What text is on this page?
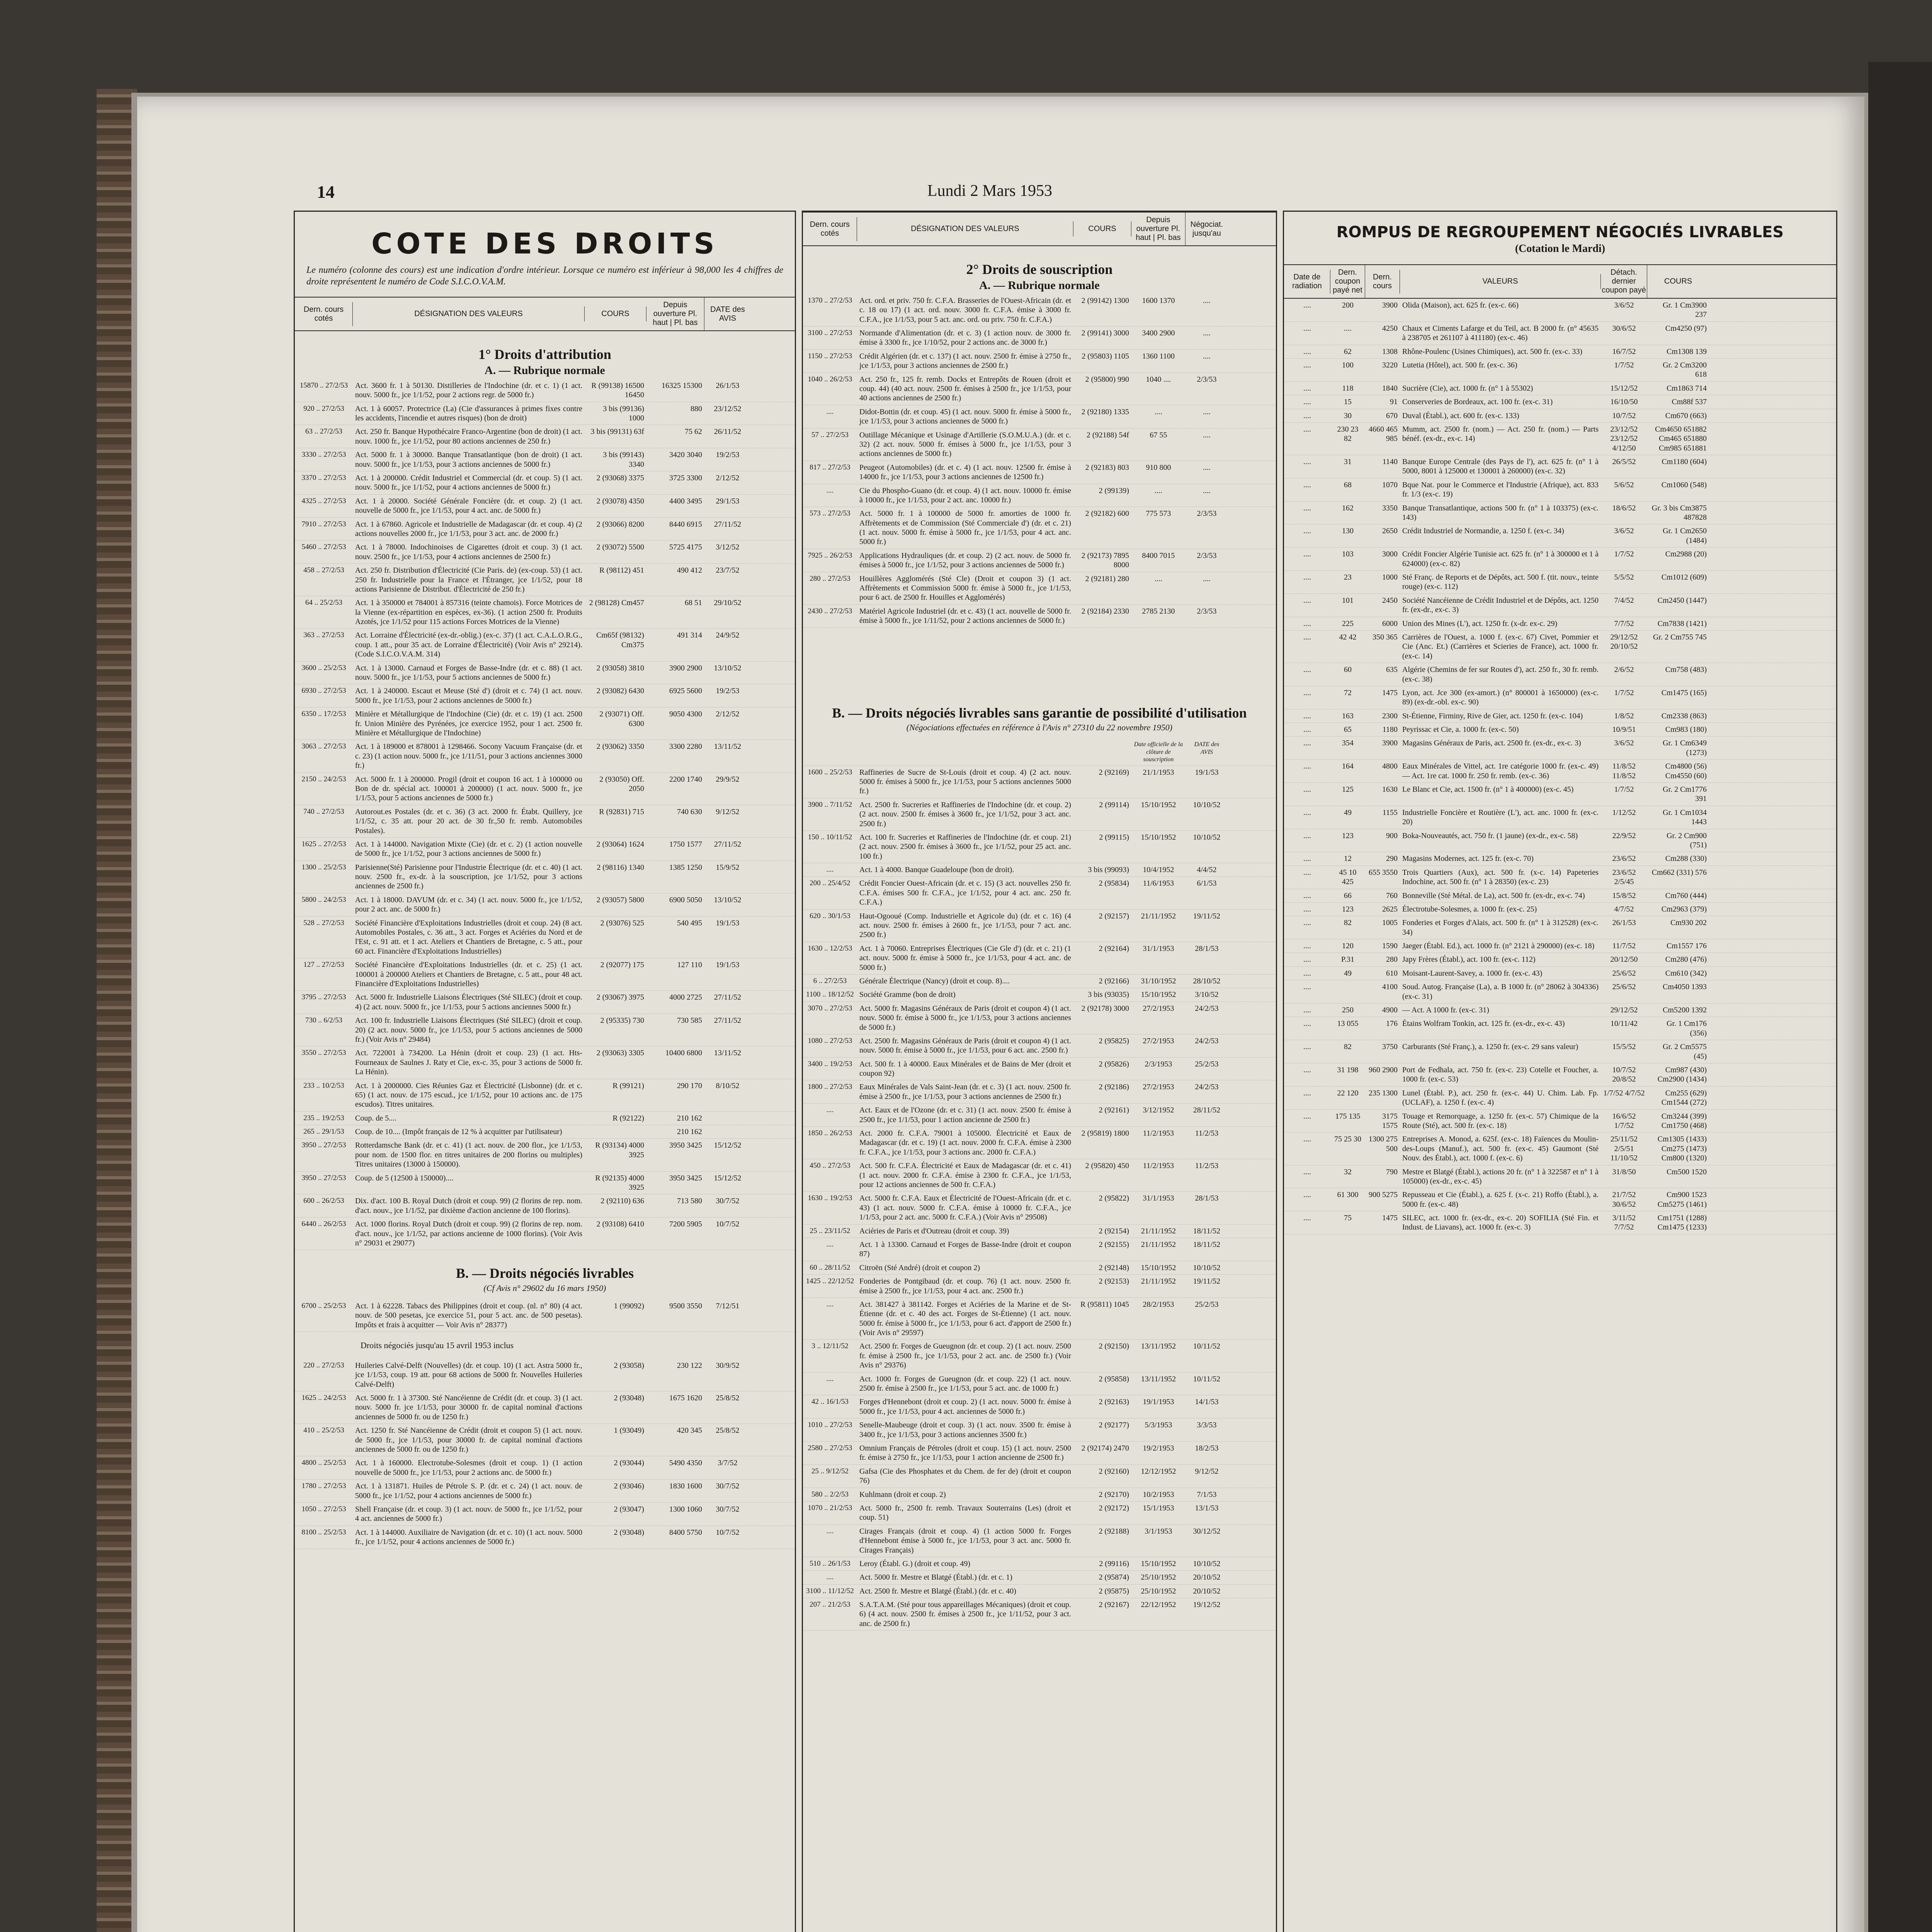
14	Lundi 2 Mars 1953
COTE DES DROITS
Le numéro (colonne des cours) est une indication d'ordre intérieur. Lorsque ce numéro est inférieur à 98,000 les 4 chiffres de droite représentent le numéro de Code S.I.C.O.V.A.M.
Dern. cours cotés
DÉSIGNATION DES VALEURS	COURS
Depuis ouverture Pl. haut | Pl. bas
DATE des AVIS
1° Droits d'attribution
A. — Rubrique normale
15870 .. 27/2/53 Act. 3600 fr. 1 à 50130. Distilleries de l'Indochine (dr. et c. 1) (1 act. nouv. 5000 fr., jce 1/1/52, pour 2 actions regr. de 5000 fr.)
R (99138) 16500 16450
16325 15300	26/1/53
920 .. 27/2/53	Act. 1 à 60057. Protectrice (La) (Cie d'assurances à primes fixes contre les accidents, l'incendie et autres risques) (bon de droit)
3 bis (99136) 1000
880	23/12/52
63 .. 27/2/53	Act. 250 fr. Banque Hypothécaire Franco-Argentine (bon de droit) (1 act. nouv. 1000 fr., jce 1/1/52, pour 80 actions anciennes de 250 fr.)
3 bis (99131) 63f	75 62	26/11/52
3330 .. 27/2/53	Act. 5000 fr. 1 à 30000. Banque Transatlantique (bon de droit) (1 act. nouv. 5000 fr., jce 1/1/53, pour 3 actions anciennes de 5000 fr.)
3 bis (99143) 3340
3420 3040	19/2/53
3370 .. 27/2/53	Act. 1 à 200000. Crédit Industriel et Commercial (dr. et coup. 5) (1 act. nouv. 5000 fr., jce 1/1/52, pour 4 actions anciennes de 5000 fr.)
2 (93068) 3375	3725 3300	2/12/52
4325 .. 27/2/53	Act. 1 à 20000. Société Générale Foncière (dr. et coup. 2) (1 act. nouvelle de 5000 fr., jce 1/1/53, pour 4 act. anc. de 5000 fr.)
2 (93078) 4350	4400 3495	29/1/53
7910 .. 27/2/53	Act. 1 à 67860. Agricole et Industrielle de Madagascar (dr. et coup. 4) (2 actions nouvelles 2000 fr., jce 1/1/53, pour 3 act. anc. de 2000 fr.)
2 (93066) 8200	8440 6915	27/11/52
5460 .. 27/2/53	Act. 1 à 78000. Indochinoises de Cigarettes (droit et coup. 3) (1 act. nouv. 2500 fr., jce 1/1/53, pour 4 actions anciennes de 2500 fr.)
2 (93072) 5500	5725 4175	3/12/52
458 .. 27/2/53	Act. 250 fr. Distribution d'Électricité (Cie Paris. de) (ex-coup. 53) (1 act. 250 fr. Industrielle pour la France et l'Étranger, jce 1/1/52, pour 18 actions Parisienne de Distribut. d'Électricité de 250 fr.)
R (98112) 451	490 412	23/7/52
64 .. 25/2/53	Act. 1 à 350000 et 784001 à 857316 (teinte chamois). Force Motrices de la Vienne (ex-répartition en espèces, ex-36). (1 action 2500 fr. Produits Azotés, jce 1/1/52 pour 115 actions Forces Motrices de la Vienne)
2 (98128) Cm457	68 51	29/10/52
363 .. 27/2/53	Act. Lorraine d'Électricité (ex-dr.-oblig.) (ex-c. 37) (1 act. C.A.L.O.R.G., coup. 1 att., pour 35 act. de Lorraine d'Électricité) (Voir Avis n° 29214). (Code S.I.C.O.V.A.M. 314)
Cm65f (98132) Cm375
491 314	24/9/52
3600 .. 25/2/53	Act. 1 à 13000. Carnaud et Forges de Basse-Indre (dr. et c. 88) (1 act. nouv. 5000 fr., jce 1/1/53, pour 5 actions anciennes de 5000 fr.)
2 (93058) 3810	3900 2900	13/10/52
6930 .. 27/2/53	Act. 1 à 240000. Escaut et Meuse (Sté d') (droit et c. 74) (1 act. nouv. 5000 fr., jce 1/1/53, pour 2 actions anciennes de 5000 fr.)
2 (93082) 6430	6925 5600	19/2/53
6350 .. 17/2/53	Minière et Métallurgique de l'Indochine (Cie) (dr. et c. 19) (1 act. 2500 fr. Union Minière des Pyrénées, jce exercice 1952, pour 1 act. 2500 fr. Minière et Métallurgique de l'Indochine)
2 (93071) Off. 6300
9050 4300	2/12/52
3063 .. 27/2/53	Act. 1 à 189000 et 878001 à 1298466. Socony Vacuum Française (dr. et c. 23) (1 action nouv. 5000 fr., jce 1/11/51, pour 3 actions anciennes 3000 fr.)
2 (93062) 3350	3300 2280	13/11/52
2150 .. 24/2/53	Act. 5000 fr. 1 à 200000. Progil (droit et coupon 16 act. 1 à 100000 ou Bon de dr. spécial act. 100001 à 200000) (1 act. nouv. 5000 fr., jce 1/1/53, pour 5 actions anciennes de 5000 fr.)
2 (93050) Off. 2050
2200 1740	29/9/52
740 .. 27/2/53	Autorout.es Postales (dr. et c. 36) (3 act. 2000 fr. Étabt. Quillery, jce 1/1/52, c. 35 att. pour 20 act. de 30 fr.,50 fr. remb. Automobiles Postales).
R (92831) 715	740 630	9/12/52
1625 .. 27/2/53	Act. 1 à 144000. Navigation Mixte (Cie) (dr. et c. 2) (1 action nouvelle de 5000 fr., jce 1/1/52, pour 3 actions anciennes de 5000 fr.)
2 (93064) 1624	1750 1577	27/11/52
1300 .. 25/2/53	Parisienne(Sté) Parisienne pour l'Industrie Électrique (dr. et c. 40) (1 act. nouv. 2500 fr., ex-dr. à la souscription, jce 1/1/52, pour 3 actions anciennes de 2500 fr.)
2 (98116) 1340	1385 1250	15/9/52
5800 .. 24/2/53	Act. 1 à 18000. DAVUM (dr. et c. 34) (1 act. nouv. 5000 fr., jce 1/1/52, pour 2 act. anc. de 5000 fr.)
2 (93057) 5800	6900 5050	13/10/52
528 .. 27/2/53	Société Financière d'Exploitations Industrielles (droit et coup. 24) (8 act. Automobiles Postales, c. 36 att., 3 act. Forges et Aciéries du Nord et de l'Est, c. 91 att. et 1 act. Ateliers et Chantiers de Bretagne, c. 5 att., pour 60 act. Financière d'Exploitations Industrielles)
2 (93076) 525	540 495	19/1/53
127 .. 27/2/53	Société Financière d'Exploitations Industrielles (dr. et c. 25) (1 act. 100001 à 200000 Ateliers et Chantiers de Bretagne, c. 5 att., pour 48 act. Financière d'Exploitations Industrielles)
2 (92077) 175	127 110	19/1/53
3795 .. 27/2/53	Act. 5000 fr. Industrielle Liaisons Électriques (Sté SILEC) (droit et coup. 4) (2 act. nouv. 5000 fr., jce 1/1/53, pour 5 actions anciennes 5000 fr.)
2 (93067) 3975	4000 2725	27/11/52
730 .. 6/2/53	Act. 100 fr. Industrielle Liaisons Électriques (Sté SILEC) (droit et coup. 20) (2 act. nouv. 5000 fr., jce 1/1/53, pour 5 actions anciennes de 5000 fr.) (Voir Avis n° 29484)
2 (95335) 730	730 585	27/11/52
3550 .. 27/2/53	Act. 722001 à 734200. La Hénin (droit et coup. 23) (1 act. Hts-Fourneaux de Saulnes J. Raty et Cie, ex-c. 35, pour 3 actions de 5000 fr. La Hénin).
2 (93063) 3305	10400 6800	13/11/52
233 .. 10/2/53	Act. 1 à 2000000. Cies Réunies Gaz et Électricité (Lisbonne) (dr. et c. 65) (1 act. nouv. de 175 escud., jce 1/1/52, pour 10 actions anc. de 175 escudos). Titres unitaires.
R (99121)	290 170	8/10/52
235 .. 19/2/53	Coup. de 5....	R (92122)	210 162
265 .. 29/1/53	Coup. de 10.... (Impôt français de 12 % à acquitter par l'utilisateur)	210 162
3950 .. 27/2/53	Rotterdamsche Bank (dr. et c. 41) (1 act. nouv. de 200 flor., jce 1/1/53, pour nom. de 1500 flor. en titres unitaires de 200 florins ou multiples) Titres unitaires (13000 à 150000).
R (93134) 4000 3925
3950 3425	15/12/52
3950 .. 27/2/53	Coup. de 5 (12500 à 150000)....	R (92135) 4000 3925
3950 3425	15/12/52
600 .. 26/2/53	Dix. d'act. 100 B. Royal Dutch (droit et coup. 99) (2 florins de rep. nom. d'act. nouv., jce 1/1/52, par dixième d'action ancienne de 100 florins).
2 (92110) 636	713 580	30/7/52
6440 .. 26/2/53	Act. 1000 florins. Royal Dutch (droit et coup. 99) (2 florins de rep. nom. d'act. nouv., jce 1/1/52, par actions ancienne de 1000 florins). (Voir Avis n° 29031 et 29077)
2 (93108) 6410	7200 5905	10/7/52
B. — Droits négociés livrables
(Cf Avis n° 29602 du 16 mars 1950)
6700 .. 25/2/53	Act. 1 à 62228. Tabacs des Philippines (droit et coup. (nl. n° 80) (4 act. nouv. de 500 pesetas, jce exercice 51, pour 5 act. anc. de 500 pesetas). Impôts et frais à acquitter — Voir Avis n° 28377)
1 (99092)	9500 3550	7/12/51
Droits négociés jusqu'au 15 avril 1953 inclus
220 .. 27/2/53	Huileries Calvé-Delft (Nouvelles) (dr. et coup. 10) (1 act. Astra 5000 fr., jce 1/1/53, coup. 19 att. pour 68 actions de 5000 fr. Nouvelles Huileries Calvé-Delft)
2 (93058)	230 122	30/9/52
1625 .. 24/2/53	Act. 5000 fr. 1 à 37300. Sté Nancéienne de Crédit (dr. et coup. 3) (1 act. nouv. 5000 fr. jce 1/1/53, pour 30000 fr. de capital nominal d'actions anciennes de 5000 fr. ou de 1250 fr.)
2 (93048)	1675 1620	25/8/52
410 .. 25/2/53	Act. 1250 fr. Sté Nancéienne de Crédit (droit et coupon 5) (1 act. nouv. de 5000 fr., jce 1/1/53, pour 30000 fr. de capital nominal d'actions anciennes de 5000 fr. ou de 1250 fr.)
1 (93049)	420 345	25/8/52
4800 .. 25/2/53	Act. 1 à 160000. Electrotube-Solesmes (droit et coup. 1) (1 action nouvelle de 5000 fr., jce 1/1/53, pour 2 actions anc. de 5000 fr.)
2 (93044)	5490 4350	3/7/52
1780 .. 27/2/53	Act. 1 à 131871. Huiles de Pétrole S. P. (dr. et c. 24) (1 act. nouv. de 5000 fr., jce 1/1/52, pour 4 actions anciennes de 5000 fr.)
2 (93046)	1830 1600	30/7/52
1050 .. 27/2/53	Shell Française (dr. et coup. 3) (1 act. nouv. de 5000 fr., jce 1/1/52, pour 4 act. anciennes de 5000 fr.)
2 (93047)	1300 1060	30/7/52
8100 .. 25/2/53	Act. 1 à 144000. Auxiliaire de Navigation (dr. et c. 10) (1 act. nouv. 5000 fr., jce 1/1/52, pour 4 actions anciennes de 5000 fr.)
2 (93048)	8400 5750	10/7/52
Dern. cours cotés
DÉSIGNATION DES VALEURS	COURS
Depuis ouverture Pl. haut | Pl. bas
Négociat. jusqu'au
2° Droits de souscription
A. — Rubrique normale
1370 .. 27/2/53 Act. ord. et priv. 750 fr. C.F.A. Brasseries de l'Ouest-Africain (dr. et c. 18 ou 17) (1 act. ord. nouv. 3000 fr. C.F.A. émise à 3000 fr. C.F.A., jce 1/1/53, pour 5 act. anc. ord. ou priv. 750 fr. C.F.A.)
2 (99142) 1300	1600 1370	....
3100 .. 27/2/53 Normande d'Alimentation (dr. et c. 3) (1 action nouv. de 3000 fr. émise à 3300 fr., jce 1/10/52, pour 2 actions anc. de 3000 fr.)
2 (99141) 3000	3400 2900	....
1150 .. 27/2/53 Crédit Algérien (dr. et c. 137) (1 act. nouv. 2500 fr. émise à 2750 fr., jce 1/1/53, pour 3 actions anciennes de 2500 fr.)
2 (95803) 1105	1360 1100	....
1040 .. 26/2/53 Act. 250 fr., 125 fr. remb. Docks et Entrepôts de Rouen (droit et coup. 44) (40 act. nouv. 2500 fr. émises à 2500 fr., jce 1/1/53, pour 40 actions anciennes de 2500 fr.)
2 (95800) 990	1040 ....	2/3/53
....	Didot-Bottin (dr. et coup. 45) (1 act. nouv. 5000 fr. émise à 5000 fr., jce 1/1/53, pour 3 actions anciennes de 5000 fr.)
2 (92180) 1335	....	....
57 .. 27/2/53	Outillage Mécanique et Usinage d'Artillerie (S.O.M.U.A.) (dr. et c. 32) (2 act. nouv. 5000 fr. émises à 5000 fr., jce 1/1/53, pour 3 actions anciennes de 5000 fr.)
2 (92188) 54f	67 55	....
817 .. 27/2/53	Peugeot (Automobiles) (dr. et c. 4) (1 act. nouv. 12500 fr. émise à 14000 fr., jce 1/1/53, pour 3 actions anciennes de 12500 fr.)
2 (92183) 803	910 800	....
....	Cie du Phospho-Guano (dr. et coup. 4) (1 act. nouv. 10000 fr. émise à 10000 fr., jce 1/1/53, pour 2 act. anc. 10000 fr.)
2 (99139)	....	....
573 .. 27/2/53	Act. 5000 fr. 1 à 100000 de 5000 fr. amorties de 1000 fr. Affrètements et de Commission (Sté Commerciale d') (dr. et c. 21) (1 act. nouv. 5000 fr. émise à 5000 fr., jce 1/1/53, pour 4 act. anc. 5000 fr.)
2 (92182) 600	775 573	2/3/53
7925 .. 26/2/53 Applications Hydrauliques (dr. et coup. 2) (2 act. nouv. de 5000 fr. émises à 5000 fr., jce 1/1/52, pour 3 actions anciennes de 5000 fr.)
2 (92173) 7895 8000
8400 7015	2/3/53
280 .. 27/2/53	Houillères Agglomérés (Sté Cle) (Droit et coupon 3) (1 act. Affrètements et Commission 5000 fr. émise à 5000 fr., jce 1/1/53, pour 6 act. de 2500 fr. Houilles et Agglomérés)
2 (92181) 280	....	....
2430 .. 27/2/53 Matériel Agricole Industriel (dr. et c. 43) (1 act. nouvelle de 5000 fr. émise à 5000 fr., jce 1/11/52, pour 2 actions anciennes de 5000 fr.)
2 (92184) 2330	2785 2130	2/3/53
B. — Droits négociés livrables sans garantie de possibilité d'utilisation
(Négociations effectuées en référence à l'Avis n° 27310 du 22 novembre 1950)
Date officielle de la clôture de souscription
DATE des AVIS
1600 .. 25/2/53 Raffineries de Sucre de St-Louis (droit et coup. 4) (2 act. nouv. 5000 fr. émises à 5000 fr., jce 1/1/53, pour 5 actions anciennes 5000 fr.)
2 (92169)	21/1/1953	19/1/53
3900 .. 7/11/52 Act. 2500 fr. Sucreries et Raffineries de l'Indochine (dr. et coup. 2) (2 act. nouv. 2500 fr. émises à 3600 fr., jce 1/1/52, pour 3 act. anc. 2500 fr.)
2 (99114)	15/10/1952	10/10/52
150 .. 10/11/52 Act. 100 fr. Sucreries et Raffineries de l'Indochine (dr. et coup. 21) (2 act. nouv. 2500 fr. émises à 3600 fr., jce 1/1/52, pour 25 act. anc. 100 fr.)
2 (99115)	15/10/1952	10/10/52
....	Act. 1 à 4000. Banque Guadeloupe (bon de droit).	3 bis (99093)	10/4/1952	4/4/52
200 .. 25/4/52	Crédit Foncier Ouest-Africain (dr. et c. 15) (3 act. nouvelles 250 fr. C.F.A. émises 500 fr. C.F.A., jce 1/1/52, pour 4 act. anc. 250 fr. C.F.A.)
2 (95834)	11/6/1953	6/1/53
620 .. 30/1/53	Haut-Ogooué (Comp. Industrielle et Agricole du) (dr. et c. 16) (4 act. nouv. 2500 fr. émises à 2600 fr., jce 1/1/53, pour 7 act. anc. 2500 fr.)
2 (92157)	21/11/1952	19/11/52
1630 .. 12/2/53 Act. 1 à 70060. Entreprises Électriques (Cie Gle d') (dr. et c. 21) (1 act. nouv. 5000 fr. émise à 5000 fr., jce 1/1/53, pour 4 act. anc. de 5000 fr.)
2 (92164)	31/1/1953	28/1/53
6 .. 27/2/53	Générale Électrique (Nancy) (droit et coup. 8)....	2 (92166)	31/10/1952	28/10/52
1100 .. 18/12/52 Société Gramme (bon de droit)	3 bis (93035)	15/10/1952	3/10/52
3070 .. 27/2/53 Act. 5000 fr. Magasins Généraux de Paris (droit et coupon 4) (1 act. nouv. 5000 fr. émise à 5000 fr., jce 1/1/53, pour 3 actions anciennes de 5000 fr.)
2 (92178) 3000	27/2/1953	24/2/53
1080 .. 27/2/53 Act. 2500 fr. Magasins Généraux de Paris (droit et coupon 4) (1 act. nouv. 5000 fr. émise à 5000 fr., jce 1/1/53, pour 6 act. anc. 2500 fr.)
2 (95825)	27/2/1953	24/2/53
3400 .. 19/2/53 Act. 500 fr. 1 à 40000. Eaux Minérales et de Bains de Mer (droit et coupon 92)
2 (95826)	2/3/1953	25/2/53
1800 .. 27/2/53 Eaux Minérales de Vals Saint-Jean (dr. et c. 3) (1 act. nouv. 2500 fr. émise à 2500 fr., jce 1/1/53, pour 3 actions anciennes de 2500 fr.)
2 (92186)	27/2/1953	24/2/53
....	Act. Eaux et de l'Ozone (dr. et c. 31) (1 act. nouv. 2500 fr. émise à 2500 fr., jce 1/1/53, pour 1 action ancienne de 2500 fr.)
2 (92161)	3/12/1952	28/11/52
1850 .. 26/2/53 Act. 2000 fr. C.F.A. 79001 à 105000. Électricité et Eaux de Madagascar (dr. et c. 19) (1 act. nouv. 2000 fr. C.F.A. émise à 2300 fr. C.F.A., jce 1/1/53, pour 3 actions anc. 2000 fr. C.F.A.)
2 (95819) 1800	11/2/1953	11/2/53
450 .. 27/2/53	Act. 500 fr. C.F.A. Électricité et Eaux de Madagascar (dr. et c. 41) (1 act. nouv. 2000 fr. C.F.A. émise à 2300 fr. C.F.A., jce 1/1/53, pour 12 actions anciennes de 500 fr. C.F.A.)
2 (95820) 450	11/2/1953	11/2/53
1630 .. 19/2/53 Act. 5000 fr. C.F.A. Eaux et Électricité de l'Ouest-Africain (dr. et c. 43) (1 act. nouv. 5000 fr. C.F.A. émise à 10000 fr. C.F.A., jce 1/1/53, pour 2 act. anc. 5000 fr. C.F.A.) (Voir Avis n° 29508)
2 (95822)	31/1/1953	28/1/53
25 .. 23/11/52	Aciéries de Paris et d'Outreau (droit et coup. 39)	2 (92154)	21/11/1952	18/11/52
....	Act. 1 à 13300. Carnaud et Forges de Basse-Indre (droit et coupon 87)
2 (92155)	21/11/1952	18/11/52
60 .. 28/11/52	Citroën (Sté André) (droit et coupon 2)	2 (92148)	15/10/1952	10/10/52
1425 .. 22/12/52 Fonderies de Pontgibaud (dr. et coup. 76) (1 act. nouv. 2500 fr. émise à 2500 fr., jce 1/1/53, pour 4 act. anc. 2500 fr.)
2 (92153)	21/11/1952	19/11/52
....	Act. 381427 à 381142. Forges et Aciéries de la Marine et de St-Étienne (dr. et c. 40 des act. Forges de St-Étienne) (1 act. nouv. 5000 fr. émise à 5000 fr., jce 1/1/53, pour 6 act. d'apport de 2500 fr.) (Voir Avis n° 29597)
R (95811) 1045	28/2/1953	25/2/53
3 .. 12/11/52	Act. 2500 fr. Forges de Gueugnon (dr. et coup. 2) (1 act. nouv. 2500 fr. émise à 2500 fr., jce 1/1/53, pour 2 act. anc. de 2500 fr.) (Voir Avis n° 29376)
2 (92150)	13/11/1952	10/11/52
....	Act. 1000 fr. Forges de Gueugnon (dr. et coup. 22) (1 act. nouv. 2500 fr. émise à 2500 fr., jce 1/1/53, pour 5 act. anc. de 1000 fr.)
2 (95858)	13/11/1952	10/11/52
42 .. 16/1/53	Forges d'Hennebont (droit et coup. 2) (1 act. nouv. 5000 fr. émise à 5000 fr., jce 1/1/53, pour 4 act. anciennes de 5000 fr.)
2 (92163)	19/1/1953	14/1/53
1010 .. 27/2/53 Senelle-Maubeuge (droit et coup. 3) (1 act. nouv. 3500 fr. émise à 3400 fr., jce 1/1/53, pour 3 actions anciennes 3500 fr.)
2 (92177)	5/3/1953	3/3/53
2580 .. 27/2/53 Omnium Français de Pétroles (droit et coup. 15) (1 act. nouv. 2500 fr. émise à 2750 fr., jce 1/1/53, pour 1 action ancienne de 2500 fr.)
2 (92174) 2470	19/2/1953	18/2/53
25 .. 9/12/52	Gafsa (Cie des Phosphates et du Chem. de fer de) (droit et coupon 76)
2 (92160)	12/12/1952	9/12/52
580 .. 2/2/53	Kuhlmann (droit et coup. 2)	2 (92170)	10/2/1953	7/1/53
1070 .. 21/2/53 Act. 5000 fr., 2500 fr. remb. Travaux Souterrains (Les) (droit et coup. 51)
2 (92172)	15/1/1953	13/1/53
....	Cirages Français (droit et coup. 4) (1 action 5000 fr. Forges d'Hennebont émise à 5000 fr., jce 1/1/53, pour 3 act. anc. 5000 fr. Cirages Français)
2 (92188)	3/1/1953	30/12/52
510 .. 26/1/53	Leroy (Établ. G.) (droit et coup. 49)	2 (99116)	15/10/1952	10/10/52
....	Act. 5000 fr. Mestre et Blatgé (Établ.) (dr. et c. 1)	2 (95874)	25/10/1952	20/10/52
3100 .. 11/12/52 Act. 2500 fr. Mestre et Blatgé (Établ.) (dr. et c. 40)	2 (95875)	25/10/1952	20/10/52
207 .. 21/2/53	S.A.T.A.M. (Sté pour tous appareillages Mécaniques) (droit et coup. 6) (4 act. nouv. 2500 fr. émises à 2500 fr., jce 1/11/52, pour 3 act. anc. de 2500 fr.)
2 (92167)	22/12/1952	19/12/52
ROMPUS DE REGROUPEMENT NÉGOCIÉS LIVRABLES
(Cotation le Mardi)
Date de radiation
Dern. coupon payé net
Dern. cours
VALEURS
Détach. dernier coupon payé
COURS
....	200	3900 Olida (Maison), act. 625 fr. (ex-c. 66)	3/6/52	Gr. 1 Cm3900 237
....	....	4250 Chaux et Ciments Lafarge et du Teil, act. B 2000 fr. (n° 45635 à 238705 et 261107 à 411180) (ex-c. 46)
30/6/52	Cm4250 (97)
....	62	1308 Rhône-Poulenc (Usines Chimiques), act. 500 fr. (ex-c. 33)	16/7/52	Cm1308 139
....	100	3220 Lutetia (Hôtel), act. 500 fr. (ex-c. 36)	1/7/52	Gr. 2 Cm3200 618
....	118	1840 Sucrière (Cie), act. 1000 fr. (n° 1 à 55302)	15/12/52	Cm1863 714
....	15	91 Conserveries de Bordeaux, act. 100 fr. (ex-c. 31)	16/10/50	Cm88f 537
....	30	670 Duval (Établ.), act. 600 fr. (ex-c. 133)	10/7/52	Cm670 (663)
....	230 23 82
4660 465 985
Mumm, act. 2500 fr. (nom.) — Act. 250 fr. (nom.) — Parts bénéf. (ex-dr., ex-c. 14)
23/12/52 23/12/52 4/12/50
Cm4650 651882 Cm465 651880 Cm985 651881
....	31	1140 Banque Europe Centrale (des Pays de l'), act. 625 fr. (n° 1 à 5000, 8001 à 125000 et 130001 à 260000) (ex-c. 32)
26/5/52	Cm1180 (604)
....	68	1070 Bque Nat. pour le Commerce et l'Industrie (Afrique), act. 833 fr. 1/3 (ex-c. 19)
5/6/52	Cm1060 (548)
....	162	3350 Banque Transatlantique, actions 500 fr. (n° 1 à 103375) (ex-c. 143)
18/6/52	Gr. 3 bis Cm3875 487828
....	130	2650 Crédit Industriel de Normandie, a. 1250 f. (ex-c. 34)	3/6/52	Gr. 1 Cm2650 (1484)
....	103	3000 Crédit Foncier Algérie Tunisie act. 625 fr. (n° 1 à 300000 et 1 à 624000) (ex-c. 82)
1/7/52	Cm2988 (20)
....	23	1000 Sté Franç. de Reports et de Dépôts, act. 500 f. (tit. nouv., teinte rouge) (ex-c. 112)
5/5/52	Cm1012 (609)
....	101	2450 Société Nancéienne de Crédit Industriel et de Dépôts, act. 1250 fr. (ex-dr., ex-c. 3)
7/4/52	Cm2450 (1447)
....	225	6000 Union des Mines (L'), act. 1250 fr. (x-dr. ex-c. 29)	7/7/52	Cm7838 (1421)
....	42 42	350 365 Carrières de l'Ouest, a. 1000 f. (ex-c. 67) Civet, Pommier et Cie (Anc. Et.) (Carrières et Scieries de France), act. 1000 fr. (ex-c. 14)
29/12/52 20/10/52
Gr. 2 Cm755 745
....	60	635 Algérie (Chemins de fer sur Routes d'), act. 250 fr., 30 fr. remb. (ex-c. 38)
2/6/52	Cm758 (483)
....	72	1475 Lyon, act. Jce 300 (ex-amort.) (n° 800001 à 1650000) (ex-c. 89) (ex-dr.-obl. ex-c. 90)
1/7/52	Cm1475 (165)
....	163	2300 St-Étienne, Firminy, Rive de Gier, act. 1250 fr. (ex-c. 104)	1/8/52	Cm2338 (863)
....	65	1180 Peyrissac et Cie, a. 1000 fr. (ex-c. 50)	10/9/51	Cm983 (180)
....	354	3900 Magasins Généraux de Paris, act. 2500 fr. (ex-dr., ex-c. 3)	3/6/52	Gr. 1 Cm6349 (1273)
....	164	4800 Eaux Minérales de Vittel, act. 1re catégorie 1000 fr. (ex-c. 49) — Act. 1re cat. 1000 fr. 250 fr. remb. (ex-c. 36)
11/8/52 11/8/52
Cm4800 (56) Cm4550 (60)
....	125	1630 Le Blanc et Cie, act. 1500 fr. (n° 1 à 400000) (ex-c. 45)	1/7/52	Gr. 2 Cm1776 391
....	49	1155 Industrielle Foncière et Routière (L'), act. anc. 1000 fr. (ex-c. 20)
1/12/52	Gr. 1 Cm1034 1443
....	123	900 Boka-Nouveautés, act. 750 fr. (1 jaune) (ex-dr., ex-c. 58)	22/9/52	Gr. 2 Cm900 (751)
....	12	290 Magasins Modernes, act. 125 fr. (ex-c. 70)	23/6/52	Cm288 (330)
....	45 10 425
655 3550 Trois Quartiers (Aux), act. 500 fr. (x-c. 14) Papeteries Indochine, act. 500 fr. (n° 1 à 28350) (ex-c. 23)
23/6/52 2/5/45
Cm662 (331) 576
....	66	760 Bonneville (Sté Métal. de La), act. 500 fr. (ex-dr., ex-c. 74)	15/8/52	Cm760 (444)
....	123	2625 Électrotube-Solesmes, a. 1000 fr. (ex-c. 25)	4/7/52	Cm2963 (379)
....	82	1005 Fonderies et Forges d'Alais, act. 500 fr. (n° 1 à 312528) (ex-c. 34)
26/1/53	Cm930 202
....	120	1590 Jaeger (Établ. Ed.), act. 1000 fr. (n° 2121 à 290000) (ex-c. 18)	11/7/52	Cm1557 176
....	P.31	280 Japy Frères (Établ.), act. 100 fr. (ex-c. 112)	20/12/50	Cm280 (476)
....	49	610 Moisant-Laurent-Savey, a. 1000 fr. (ex-c. 43)	25/6/52	Cm610 (342)
....	4100 Soud. Autog. Française (La), a. B 1000 fr. (n° 28062 à 304336) (ex-c. 31)
25/6/52	Cm4050 1393
....	250	4900 — Act. A 1000 fr. (ex-c. 31)	29/12/52	Cm5200 1392
....	13 055	176 Étains Wolfram Tonkin, act. 125 fr. (ex-dr., ex-c. 43)	10/11/42	Gr. 1 Cm176 (356)
....	82	3750 Carburants (Sté Franç.), a. 1250 fr. (ex-c. 29 sans valeur)	15/5/52	Gr. 2 Cm5575 (45)
....	31 198	960 2900 Port de Fedhala, act. 750 fr. (ex-c. 23) Cotelle et Foucher, a. 1000 fr. (ex-c. 53)
10/7/52 20/8/52
Cm987 (430) Cm2900 (1434)
....	22 120	235 1300 Lunel (Établ. P.), act. 250 fr. (ex-c. 44) U. Chim. Lab. Fp. (UCLAF), a. 1250 f. (ex-c. 4)
1/7/52 4/7/52	Cm255 (629) Cm1544 (272)
....	175 135	3175 1575
Touage et Remorquage, a. 1250 fr. (ex-c. 57) Chimique de la Route (Sté), act. 500 fr. (ex-c. 18)
16/6/52 1/7/52
Cm3244 (399) Cm1750 (468)
....	75 25 30 1300 275 500
Entreprises A. Monod, a. 625f. (ex-c. 18) Faïences du Moulin-des-Loups (Manuf.), act. 500 fr. (ex-c. 45) Gaumont (Sté Nouv. des Établ.), act. 1000 f. (ex-c. 6)
25/11/52 2/5/51 11/10/52
Cm1305 (1433) Cm275 (1473) Cm800 (1320)
....	32	790 Mestre et Blatgé (Établ.), actions 20 fr. (n° 1 à 322587 et n° 1 à 105000) (ex-dr., ex-c. 45)
31/8/50	Cm500 1520
....	61 300	900 5275 Repusseau et Cie (Établ.), a. 625 f. (x-c. 21) Roffo (Établ.), a. 5000 fr. (ex-c. 48)
21/7/52 30/6/52
Cm900 1523 Cm5275 (1461)
....	75	1475 SILEC, act. 1000 fr. (ex-dr., ex-c. 20) SOFILIA (Sté Fin. et Indust. de Liavans), act. 1000 fr. (ex-c. 3)
3/11/52 7/7/52
Cm1751 (1288) Cm1475 (1233)
